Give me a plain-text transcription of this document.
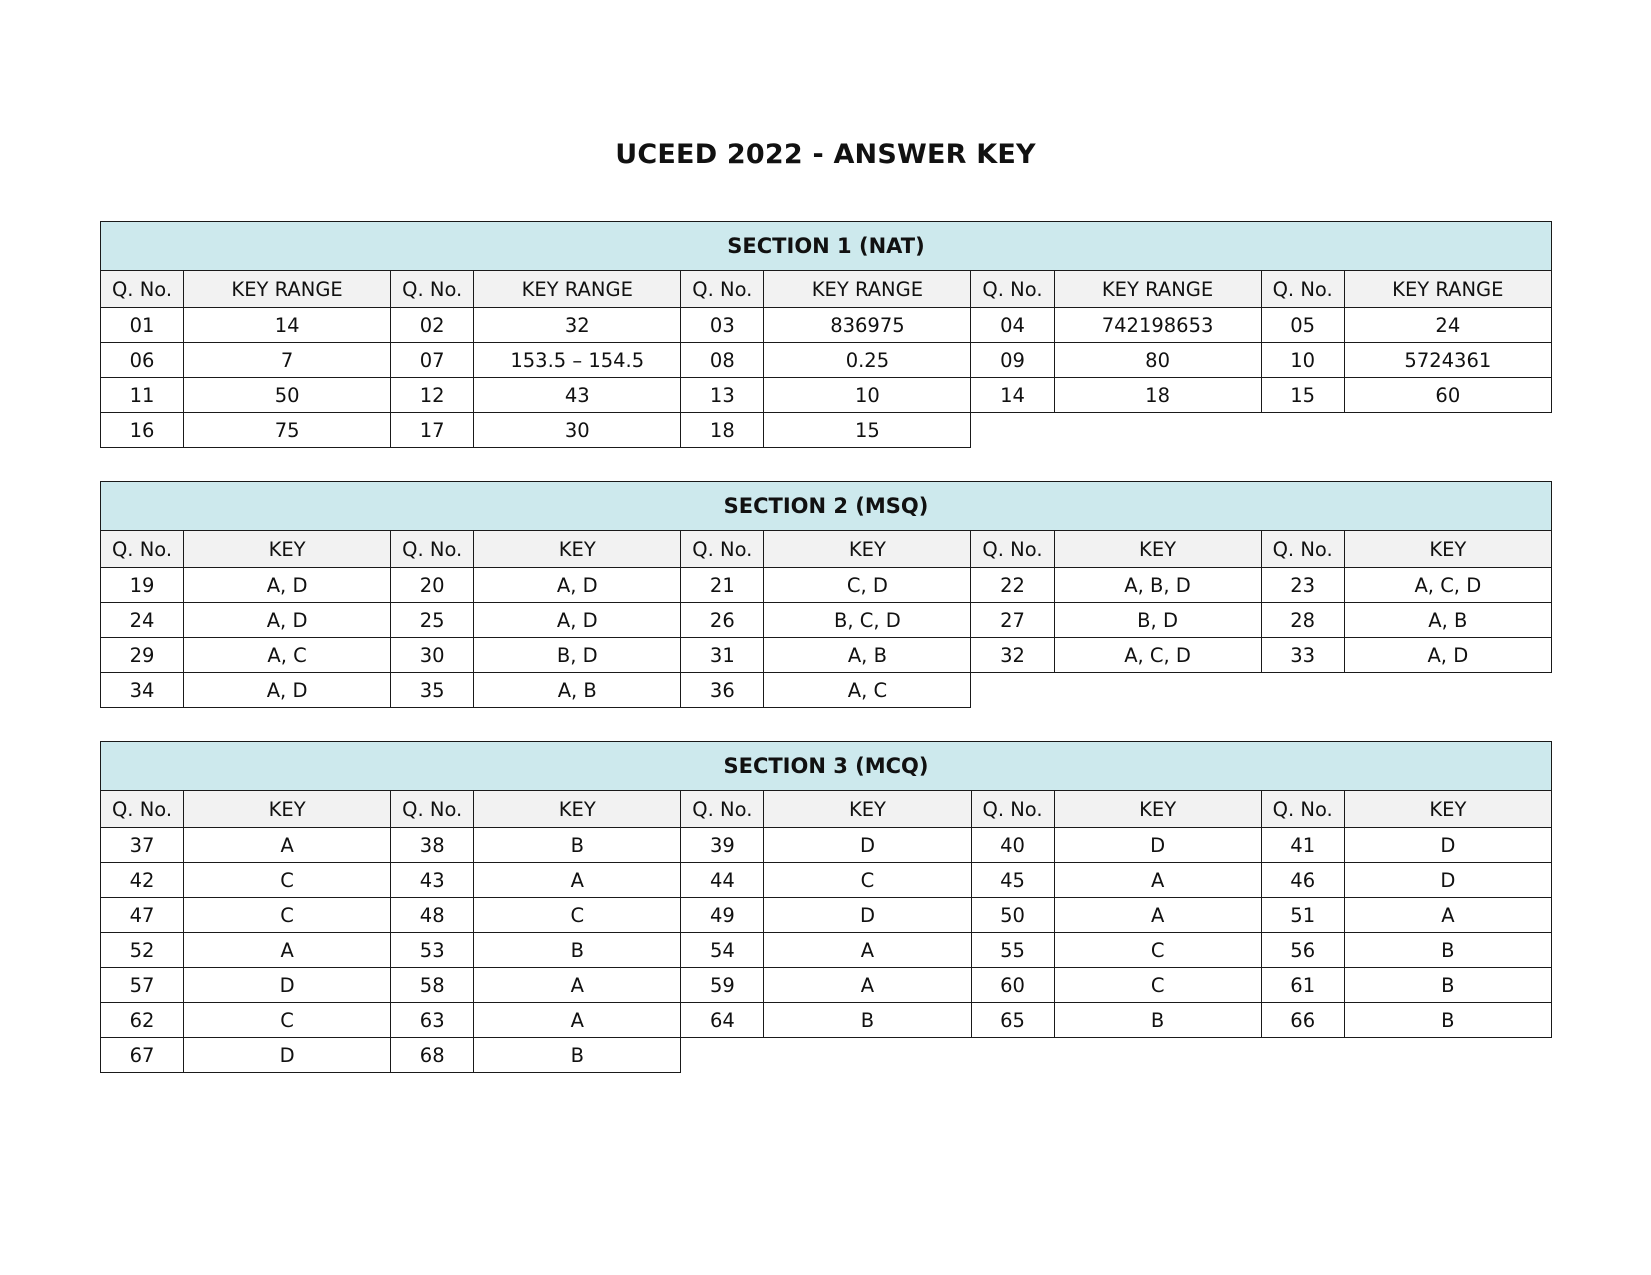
UCEED 2022 - ANSWER KEY
SECTION 1 (NAT)									
Q. No.	KEY RANGE	Q. No.	KEY RANGE	Q. No.	KEY RANGE	Q. No.	KEY RANGE	Q. No.	KEY RANGE
01	14	02	32	03	836975	04	742198653	05	24
06	7	07	153.5 – 154.5	08	0.25	09	80	10	5724361
11	50	12	43	13	10	14	18	15	60
16	75	17	30	18	15				
SECTION 2 (MSQ)									
Q. No.	KEY	Q. No.	KEY	Q. No.	KEY	Q. No.	KEY	Q. No.	KEY
19	A, D	20	A, D	21	C, D	22	A, B, D	23	A, C, D
24	A, D	25	A, D	26	B, C, D	27	B, D	28	A, B
29	A, C	30	B, D	31	A, B	32	A, C, D	33	A, D
34	A, D	35	A, B	36	A, C				
SECTION 3 (MCQ)									
Q. No.	KEY	Q. No.	KEY	Q. No.	KEY	Q. No.	KEY	Q. No.	KEY
37	A	38	B	39	D	40	D	41	D
42	C	43	A	44	C	45	A	46	D
47	C	48	C	49	D	50	A	51	A
52	A	53	B	54	A	55	C	56	B
57	D	58	A	59	A	60	C	61	B
62	C	63	A	64	B	65	B	66	B
67	D	68	B						
